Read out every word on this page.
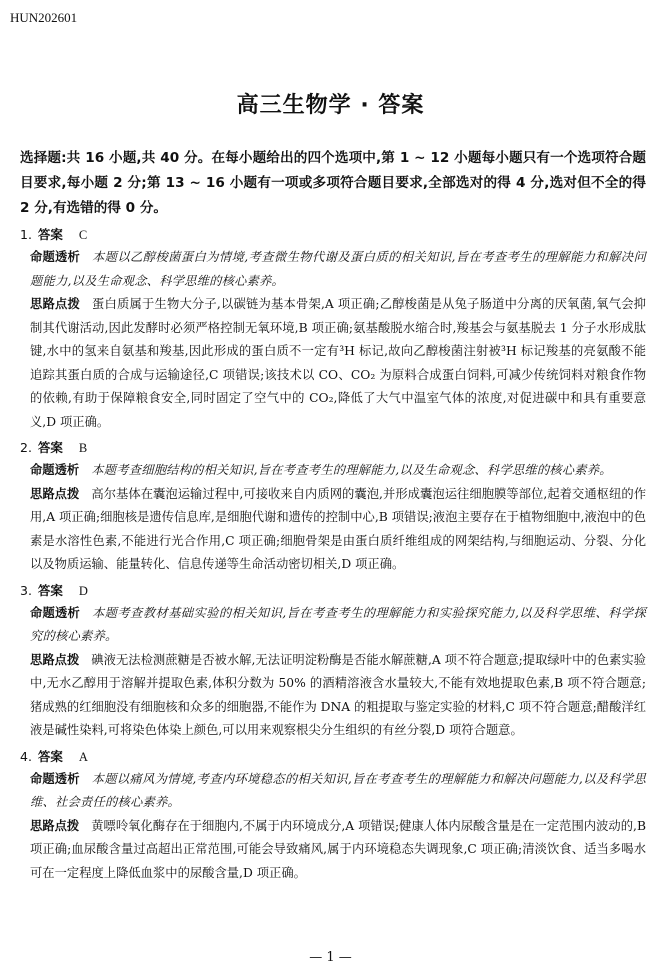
HUN202601
高三生物学 · 答案
选择题:共 16 小题,共 40 分。在每小题给出的四个选项中,第 1 ~ 12 小题每小题只有一个选项符合题目要求,每小题 2 分;第 13 ~ 16 小题有一项或多项符合题目要求,全部选对的得 4 分,选对但不全的得 2 分,有选错的得 0 分。
1. 答案 C
命题透析 本题以乙醇梭菌蛋白为情境,考查微生物代谢及蛋白质的相关知识,旨在考查考生的理解能力和解决问题能力,以及生命观念、科学思维的核心素养。
思路点拨 蛋白质属于生物大分子,以碳链为基本骨架,A 项正确;乙醇梭菌是从兔子肠道中分离的厌氧菌,氧气会抑制其代谢活动,因此发酵时必须严格控制无氧环境,B 项正确;氨基酸脱水缩合时,羧基会与氨基脱去 1 分子水形成肽键,水中的氢来自氨基和羧基,因此形成的蛋白质不一定有³H 标记,故向乙醇梭菌注射被³H 标记羧基的亮氨酸不能追踪其蛋白质的合成与运输途径,C 项错误;该技术以 CO、CO₂ 为原料合成蛋白饲料,可减少传统饲料对粮食作物的依赖,有助于保障粮食安全,同时固定了空气中的 CO₂,降低了大气中温室气体的浓度,对促进碳中和具有重要意义,D 项正确。
2. 答案 B
命题透析 本题考查细胞结构的相关知识,旨在考查考生的理解能力,以及生命观念、科学思维的核心素养。
思路点拨 高尔基体在囊泡运输过程中,可接收来自内质网的囊泡,并形成囊泡运往细胞膜等部位,起着交通枢纽的作用,A 项正确;细胞核是遗传信息库,是细胞代谢和遗传的控制中心,B 项错误;液泡主要存在于植物细胞中,液泡中的色素是水溶性色素,不能进行光合作用,C 项正确;细胞骨架是由蛋白质纤维组成的网架结构,与细胞运动、分裂、分化以及物质运输、能量转化、信息传递等生命活动密切相关,D 项正确。
3. 答案 D
命题透析 本题考查教材基础实验的相关知识,旨在考查考生的理解能力和实验探究能力,以及科学思维、科学探究的核心素养。
思路点拨 碘液无法检测蔗糖是否被水解,无法证明淀粉酶是否能水解蔗糖,A 项不符合题意;提取绿叶中的色素实验中,无水乙醇用于溶解并提取色素,体积分数为 50% 的酒精溶液含水量较大,不能有效地提取色素,B 项不符合题意;猪成熟的红细胞没有细胞核和众多的细胞器,不能作为 DNA 的粗提取与鉴定实验的材料,C 项不符合题意;醋酸洋红液是碱性染料,可将染色体染上颜色,可以用来观察根尖分生组织的有丝分裂,D 项符合题意。
4. 答案 A
命题透析 本题以痛风为情境,考查内环境稳态的相关知识,旨在考查考生的理解能力和解决问题能力,以及科学思维、社会责任的核心素养。
思路点拨 黄嘌呤氧化酶存在于细胞内,不属于内环境成分,A 项错误;健康人体内尿酸含量是在一定范围内波动的,B 项正确;血尿酸含量过高超出正常范围,可能会导致痛风,属于内环境稳态失调现象,C 项正确;清淡饮食、适当多喝水可在一定程度上降低血浆中的尿酸含量,D 项正确。
— 1 —
